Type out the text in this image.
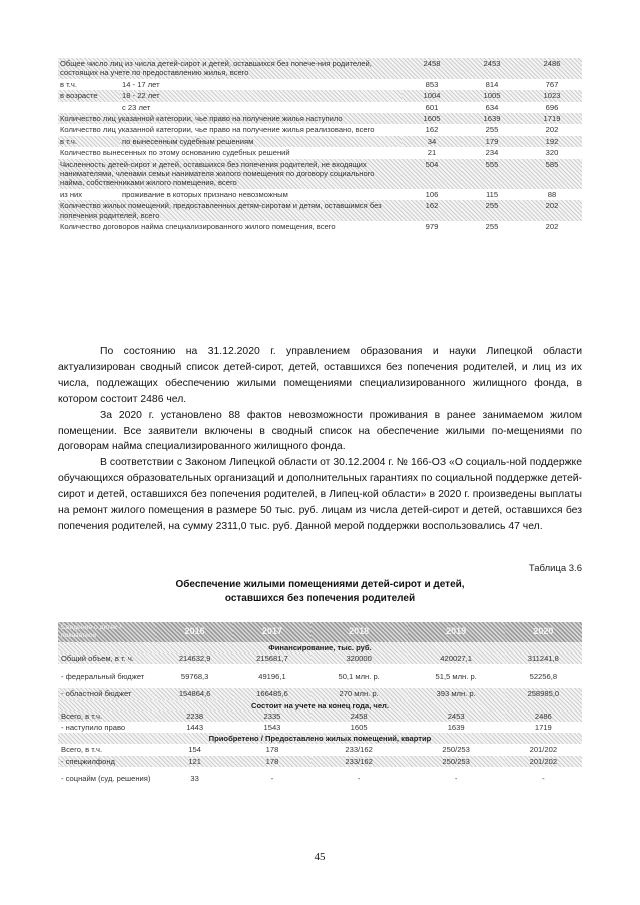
Общее число лиц из числа детей-сирот и детей, оставшихся без попече-ния родителей, состоящих на учете по предоставлению жилья, всего		2458	2453	2486
в т.ч.	14 - 17 лет	853	814	767
в возрасте	18 - 22 лет	1004	1005	1023
	с 23 лет	601	634	696
Количество лиц указанной категории, чье право на получение жилья наступило		1605	1639	1719
Количество лиц указанной категории, чье право на получение жилья реализовано, всего		162	255	202
в т.ч.	по вынесенным судебным решениям	34	179	192
Количество вынесенных по этому основанию судебных решений		21	234	320
Численность детей-сирот и детей, оставшихся без попечения родителей, не входящих нанимателями, членами семьи нанимателя жилого помещения по договору социального найма, собственниками жилого помещения, всего		504	555	585
из них	проживание в которых признано невозможным	106	115	88
Количество жилых помещений, предоставленных детям-сиротам и детям, оставшимся без попечения родителей, всего		162	255	202
Количество договоров найма специализированного жилого помещения, всего		979	255	202

По состоянию на 31.12.2020 г. управлением образования и науки Липецкой области актуализирован сводный список детей-сирот, детей, оставшихся без попечения родителей, и лиц из их числа, подлежащих обеспечению жилыми помещениями специализированного жилищного фонда, в котором состоит 2486 чел.

За 2020 г. установлено 88 фактов невозможности проживания в ранее занимаемом жилом помещении. Все заявители включены в сводный список на обеспечение жилыми по-мещениями по договорам найма специализированного жилищного фонда.

В соответствии с Законом Липецкой области от 30.12.2004 г. № 166-ОЗ «О социаль-ной поддержке обучающихся образовательных организаций и дополнительных гарантиях по социальной поддержке детей-сирот и детей, оставшихся без попечения родителей, в Липец-кой области» в 2020 г. произведены выплаты на ремонт жилого помещения в размере 50 тыс. руб. лицам из числа детей-сирот и детей, оставшихся без попечения родителей, на сумму 2311,0 тыс. руб. Данной мерой поддержки воспользовались 47 чел.

Таблица 3.6
Обеспечение жилыми помещениями детей-сирот и детей,
оставшихся без попечения родителей
Сведения о детях / показатели	2016	2017	2018	2019	2020
Финансирование, тыс. руб.					
Общий объем, в т. ч.	214632,9	215681,7	320000	420027,1	311241,8
- федеральный бюджет	59768,3	49196,1	50,1 млн. р.	51,5 млн. р.	52256,8
- областной бюджет	154864,6	166485,6	270 млн. р.	393 млн. р.	258985,0
Состоит на учете на конец года, чел.					
Всего, в т.ч.	2238	2335	2458	2453	2486
- наступило право	1443	1543	1605	1639	1719
Приобретено / Предоставлено жилых помещений, квартир					
Всего, в т.ч.	154	178	233/162	250/253	201/202
- спецжилфонд	121	178	233/162	250/253	201/202
- соцнайм (суд. решения)	33	-	-	-	-
45
